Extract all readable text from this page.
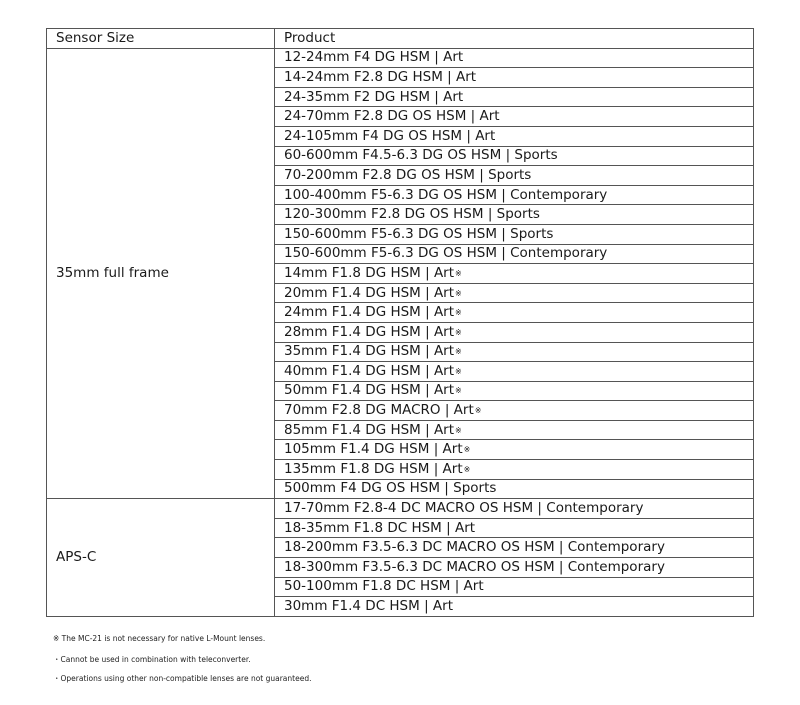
Sensor Size	Product
35mm full frame	12-24mm F4 DG HSM | Art
	14-24mm F2.8 DG HSM | Art
	24-35mm F2 DG HSM | Art
	24-70mm F2.8 DG OS HSM | Art
	24-105mm F4 DG OS HSM | Art
	60-600mm F4.5-6.3 DG OS HSM | Sports
	70-200mm F2.8 DG OS HSM | Sports
	100-400mm F5-6.3 DG OS HSM | Contemporary
	120-300mm F2.8 DG OS HSM | Sports
	150-600mm F5-6.3 DG OS HSM | Sports
	150-600mm F5-6.3 DG OS HSM | Contemporary
	14mm F1.8 DG HSM | Art※
	20mm F1.4 DG HSM | Art※
	24mm F1.4 DG HSM | Art※
	28mm F1.4 DG HSM | Art※
	35mm F1.4 DG HSM | Art※
	40mm F1.4 DG HSM | Art※
	50mm F1.4 DG HSM | Art※
	70mm F2.8 DG MACRO | Art※
	85mm F1.4 DG HSM | Art※
	105mm F1.4 DG HSM | Art※
	135mm F1.8 DG HSM | Art※
	500mm F4 DG OS HSM | Sports
APS-C	17-70mm F2.8-4 DC MACRO OS HSM | Contemporary
	18-35mm F1.8 DC HSM | Art
	18-200mm F3.5-6.3 DC MACRO OS HSM | Contemporary
	18-300mm F3.5-6.3 DC MACRO OS HSM | Contemporary
	50-100mm F1.8 DC HSM | Art
	30mm F1.4 DC HSM | Art
※ The MC-21 is not necessary for native L-Mount lenses.
・Cannot be used in combination with teleconverter.
・Operations using other non-compatible lenses are not guaranteed.
